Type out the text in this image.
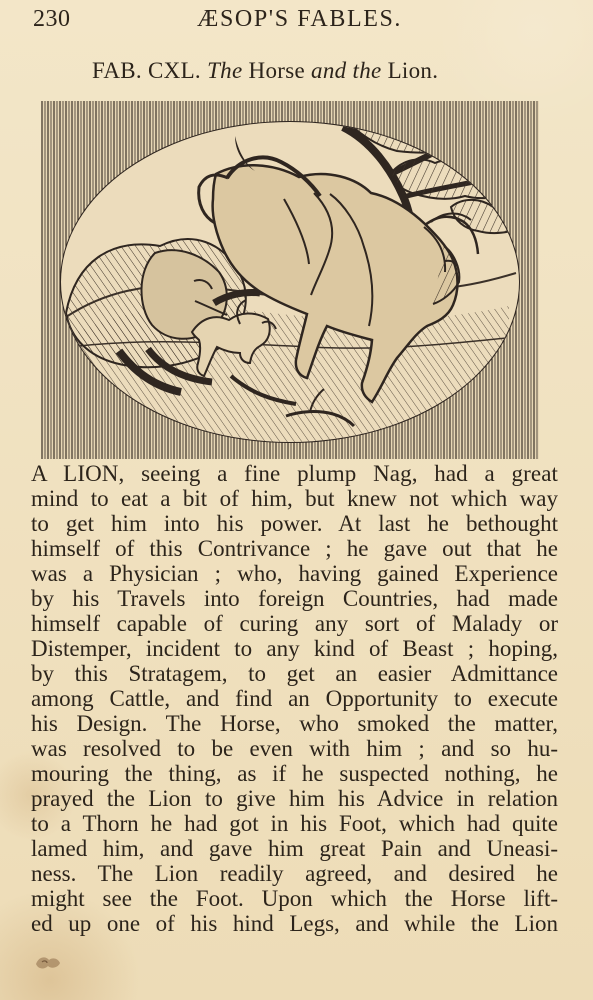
230	ÆSOP'S FABLES.
FAB. CXL. The Horse and the Lion.
A LION, seeing a fine plump Nag, had a great
mind to eat a bit of him, but knew not which way
to get him into his power. At last he bethought
himself of this Contrivance ; he gave out that he
was a Physician ; who, having gained Experience
by his Travels into foreign Countries, had made
himself capable of curing any sort of Malady or
Distemper, incident to any kind of Beast ; hoping,
by this Stratagem, to get an easier Admittance
among Cattle, and find an Opportunity to execute
his Design. The Horse, who smoked the matter,
was resolved to be even with him ; and so hu-
mouring the thing, as if he suspected nothing, he
prayed the Lion to give him his Advice in relation
to a Thorn he had got in his Foot, which had quite
lamed him, and gave him great Pain and Uneasi-
ness. The Lion readily agreed, and desired he
might see the Foot. Upon which the Horse lift-
ed up one of his hind Legs, and while the Lion
